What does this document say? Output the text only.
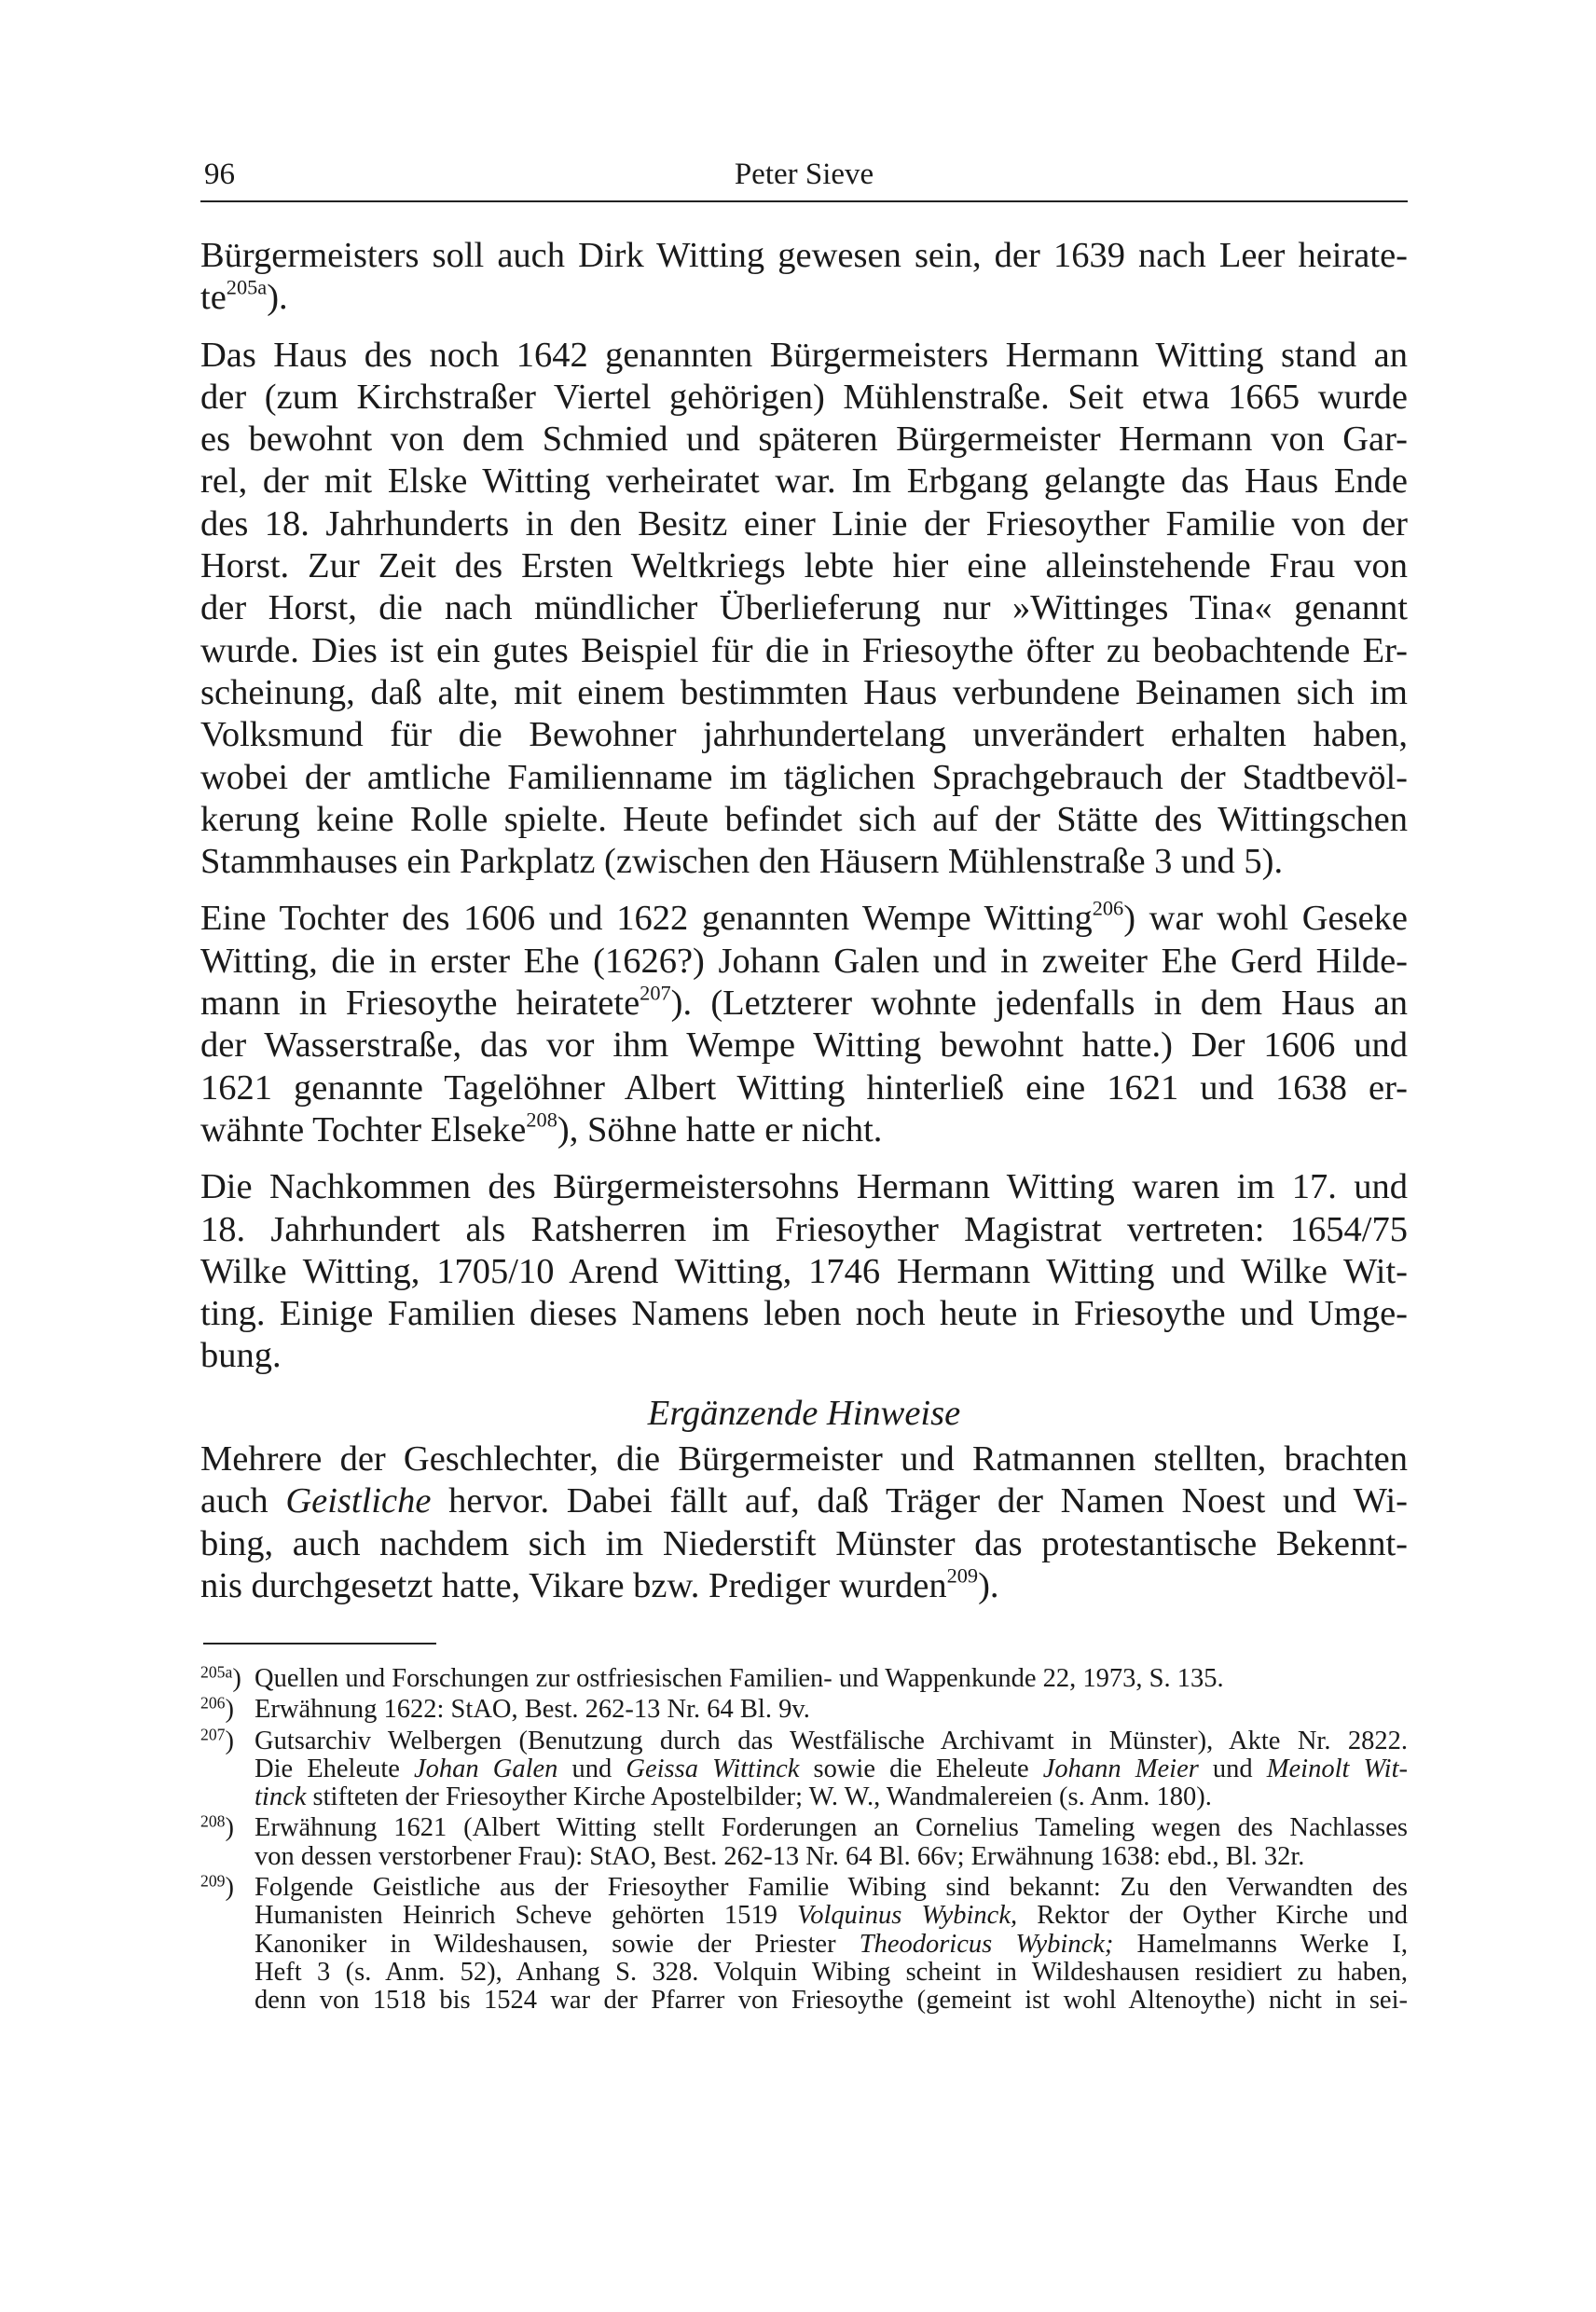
96	Peter Sieve

Bürgermeisters soll auch Dirk Witting gewesen sein, der 1639 nach Leer heirate-
$te^{205a}$).

Das Haus des noch 1642 genannten Bürgermeisters Hermann Witting stand an
der (zum Kirchstraßer Viertel gehörigen) Mühlenstraße. Seit etwa 1665 wurde
es bewohnt von dem Schmied und späteren Bürgermeister Hermann von Gar-
rel, der mit Elske Witting verheiratet war. Im Erbgang gelangte das Haus Ende
des 18. Jahrhunderts in den Besitz einer Linie der Friesoyther Familie von der
Horst. Zur Zeit des Ersten Weltkriegs lebte hier eine alleinstehende Frau von
der Horst, die nach mündlicher Überlieferung nur »Wittinges Tina« genannt
wurde. Dies ist ein gutes Beispiel für die in Friesoythe öfter zu beobachtende Er-
scheinung, daß alte, mit einem bestimmten Haus verbundene Beinamen sich im
Volksmund für die Bewohner jahrhundertelang unverändert erhalten haben,
wobei der amtliche Familienname im täglichen Sprachgebrauch der Stadtbevöl-
kerung keine Rolle spielte. Heute befindet sich auf der Stätte des Wittingschen
Stammhauses ein Parkplatz (zwischen den Häusern Mühlenstraße 3 und 5).

Eine Tochter des 1606 und 1622 genannten Wempe Witting$^{206}$) war wohl Geseke
Witting, die in erster Ehe (1626?) Johann Galen und in zweiter Ehe Gerd Hilde-
mann in Friesoythe heiratete$^{207}$). (Letzterer wohnte jedenfalls in dem Haus an
der Wasserstraße, das vor ihm Wempe Witting bewohnt hatte.) Der 1606 und
1621 genannte Tagelöhner Albert Witting hinterließ eine 1621 und 1638 er-
wähnte Tochter Elseke$^{208}$), Söhne hatte er nicht.

Die Nachkommen des Bürgermeistersohns Hermann Witting waren im 17. und
18. Jahrhundert als Ratsherren im Friesoyther Magistrat vertreten: 1654/75
Wilke Witting, 1705/10 Arend Witting, 1746 Hermann Witting und Wilke Wit-
ting. Einige Familien dieses Namens leben noch heute in Friesoythe und Umge-
bung.

Ergänzende Hinweise

Mehrere der Geschlechter, die Bürgermeister und Ratmannen stellten, brachten
auch Geistliche hervor. Dabei fällt auf, daß Träger der Namen Noest und Wi-
bing, auch nachdem sich im Niederstift Münster das protestantische Bekennt-
nis durchgesetzt hatte, Vikare bzw. Prediger wurden$^{209}$).

$^{205a}$) Quellen und Forschungen zur ostfriesischen Familien- und Wappenkunde 22, 1973, S. 135.
$^{206}$) Erwähnung 1622: StAO, Best. 262-13 Nr. 64 Bl. 9v.
$^{207}$) Gutsarchiv Welbergen (Benutzung durch das Westfälische Archivamt in Münster), Akte Nr. 2822.
Die Eheleute Johan Galen und Geissa Wittinck sowie die Eheleute Johann Meier und Meinolt Wit-
tinck stifteten der Friesoyther Kirche Apostelbilder; W. W., Wandmalereien (s. Anm. 180).
$^{208}$) Erwähnung 1621 (Albert Witting stellt Forderungen an Cornelius Tameling wegen des Nachlasses
von dessen verstorbener Frau): StAO, Best. 262-13 Nr. 64 Bl. 66v; Erwähnung 1638: ebd., Bl. 32r.
$^{209}$) Folgende Geistliche aus der Friesoyther Familie Wibing sind bekannt: Zu den Verwandten des
Humanisten Heinrich Scheve gehörten 1519 Volquinus Wybinck, Rektor der Oyther Kirche und
Kanoniker in Wildeshausen, sowie der Priester Theodoricus Wybinck; Hamelmanns Werke I,
Heft 3 (s. Anm. 52), Anhang S. 328. Volquin Wibing scheint in Wildeshausen residiert zu haben,
denn von 1518 bis 1524 war der Pfarrer von Friesoythe (gemeint ist wohl Altenoythe) nicht in sei-
